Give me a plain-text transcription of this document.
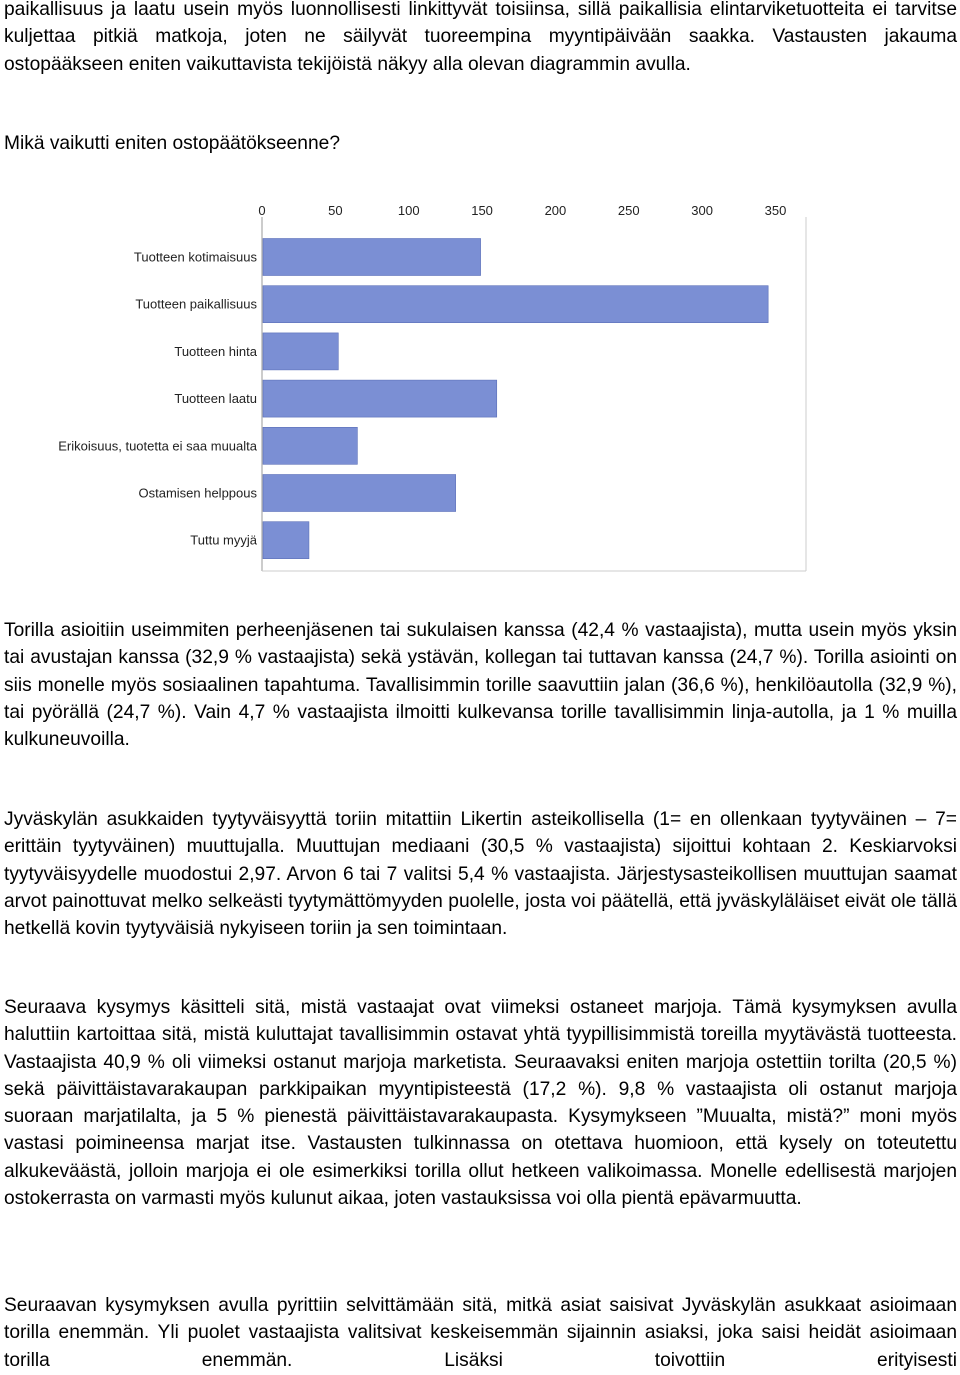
paikallisuus ja laatu usein myös luonnollisesti linkittyvät toisiinsa, sillä paikallisia elintarviketuotteita ei tarvitse kuljettaa pitkiä matkoja, joten ne säilyvät tuoreempina myyntipäivään saakka. Vastausten jakauma ostopääkseen eniten vaikuttavista tekijöistä näkyy alla olevan diagrammin avulla.

Mikä vaikutti eniten ostopäätökseenne?

0	50	100	150	200	250	300	350
Tuotteen kotimaisuus
Tuotteen paikallisuus
Tuotteen hinta
Tuotteen laatu
Erikoisuus, tuotetta ei saa muualta
Ostamisen helppous
Tuttu myyjä

Torilla asioitiin useimmiten perheenjäsenen tai sukulaisen kanssa (42,4 % vastaajista), mutta usein myös yksin tai avustajan kanssa (32,9 % vastaajista) sekä ystävän, kollegan tai tuttavan kanssa (24,7 %). Torilla asiointi on siis monelle myös sosiaalinen tapahtuma. Tavallisimmin torille saavuttiin jalan (36,6 %), henkilöautolla (32,9 %), tai pyörällä (24,7 %). Vain 4,7 % vastaajista ilmoitti kulkevansa torille tavallisimmin linja-autolla, ja 1 % muilla kulkuneuvoilla.

Jyväskylän asukkaiden tyytyväisyyttä toriin mitattiin Likertin asteikollisella (1= en ollenkaan tyytyväinen – 7= erittäin tyytyväinen) muuttujalla. Muuttujan mediaani (30,5 % vastaajista) sijoittui kohtaan 2. Keskiarvoksi tyytyväisyydelle muodostui 2,97. Arvon 6 tai 7 valitsi 5,4 % vastaajista. Järjestysasteikollisen muuttujan saamat arvot painottuvat melko selkeästi tyytymättömyyden puolelle, josta voi päätellä, että jyväskyläläiset eivät ole tällä hetkellä kovin tyytyväisiä nykyiseen toriin ja sen toimintaan.

Seuraava kysymys käsitteli sitä, mistä vastaajat ovat viimeksi ostaneet marjoja. Tämä kysymyksen avulla haluttiin kartoittaa sitä, mistä kuluttajat tavallisimmin ostavat yhtä tyypillisimmistä toreilla myytävästä tuotteesta. Vastaajista 40,9 % oli viimeksi ostanut marjoja marketista. Seuraavaksi eniten marjoja ostettiin torilta (20,5 %) sekä päivittäistavarakaupan parkkipaikan myyntipisteestä (17,2 %). 9,8 % vastaajista oli ostanut marjoja suoraan marjatilalta, ja 5 % pienestä päivittäistavarakaupasta. Kysymykseen ”Muualta, mistä?” moni myös vastasi poimineensa marjat itse. Vastausten tulkinnassa on otettava huomioon, että kysely on toteutettu alkukeväästä, jolloin marjoja ei ole esimerkiksi torilla ollut hetkeen valikoimassa. Monelle edellisestä marjojen ostokerrasta on varmasti myös kulunut aikaa, joten vastauksissa voi olla pientä epävarmuutta.

Seuraavan kysymyksen avulla pyrittiin selvittämään sitä, mitkä asiat saisivat Jyväskylän asukkaat asioimaan torilla enemmän. Yli puolet vastaajista valitsivat keskeisemmän sijainnin asiaksi, joka saisi heidät asioimaan torilla enemmän. Lisäksi toivottiin erityisesti
